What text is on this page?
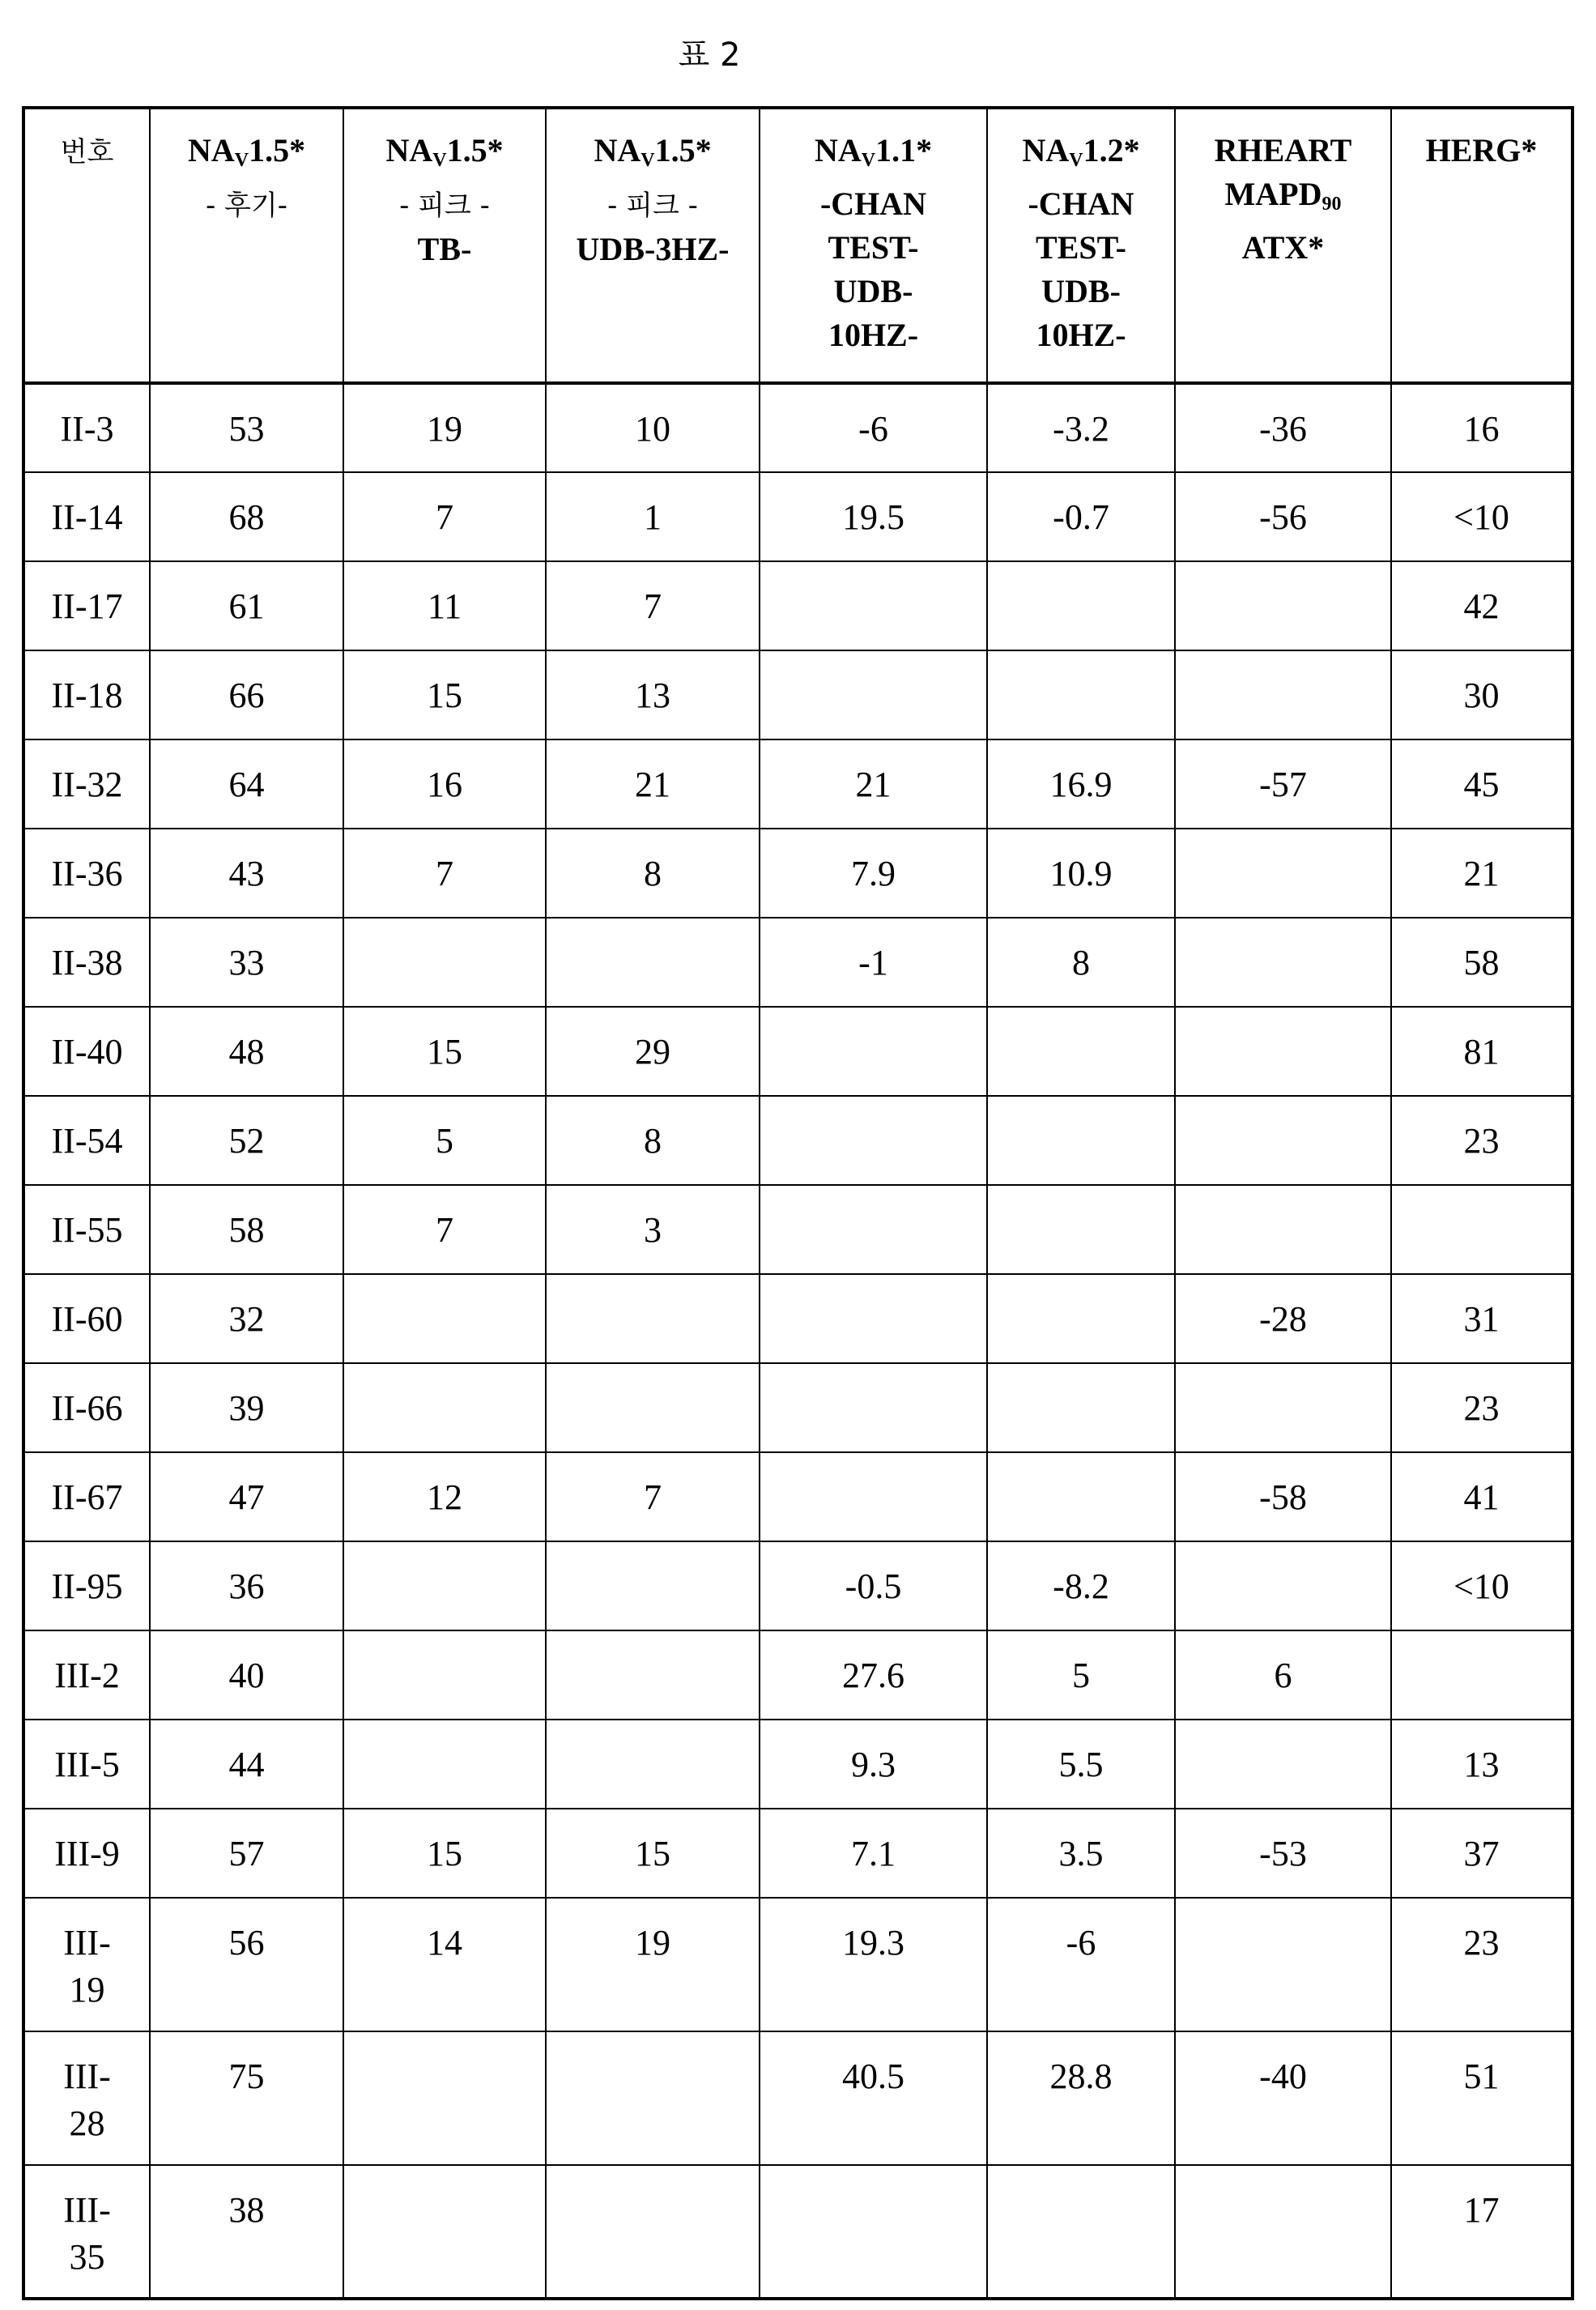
표 2
번호	NAV1.5*
- 후기-

NAV1.5*
- 피크 -
TB-

NAV1.5*
- 피크 -
UDB-3HZ-

NAV1.1*
-CHAN
TEST-
UDB-
10HZ-

NAV1.2*
-CHAN
TEST-
UDB-
10HZ-

RHEART
MAPD90
ATX*

HERG*

II-3	53	19	10	-6	-3.2	-36	16
II-14	68	7	1	19.5	-0.7	-56	<10
II-17	61	11	7				42
II-18	66	15	13				30
II-32	64	16	21	21	16.9	-57	45
II-36	43	7	8	7.9	10.9		21
II-38	33			-1	8		58
II-40	48	15	29				81
II-54	52	5	8				23
II-55	58	7	3				
II-60	32					-28	31
II-66	39						23
II-67	47	12	7			-58	41
II-95	36			-0.5	-8.2		<10
III-2	40			27.6	5	6	
III-5	44			9.3	5.5		13
III-9	57	15	15	7.1	3.5	-53	37
III-19	56	14	19	19.3	-6		23
III-28	75			40.5	28.8	-40	51
III-35	38						17
